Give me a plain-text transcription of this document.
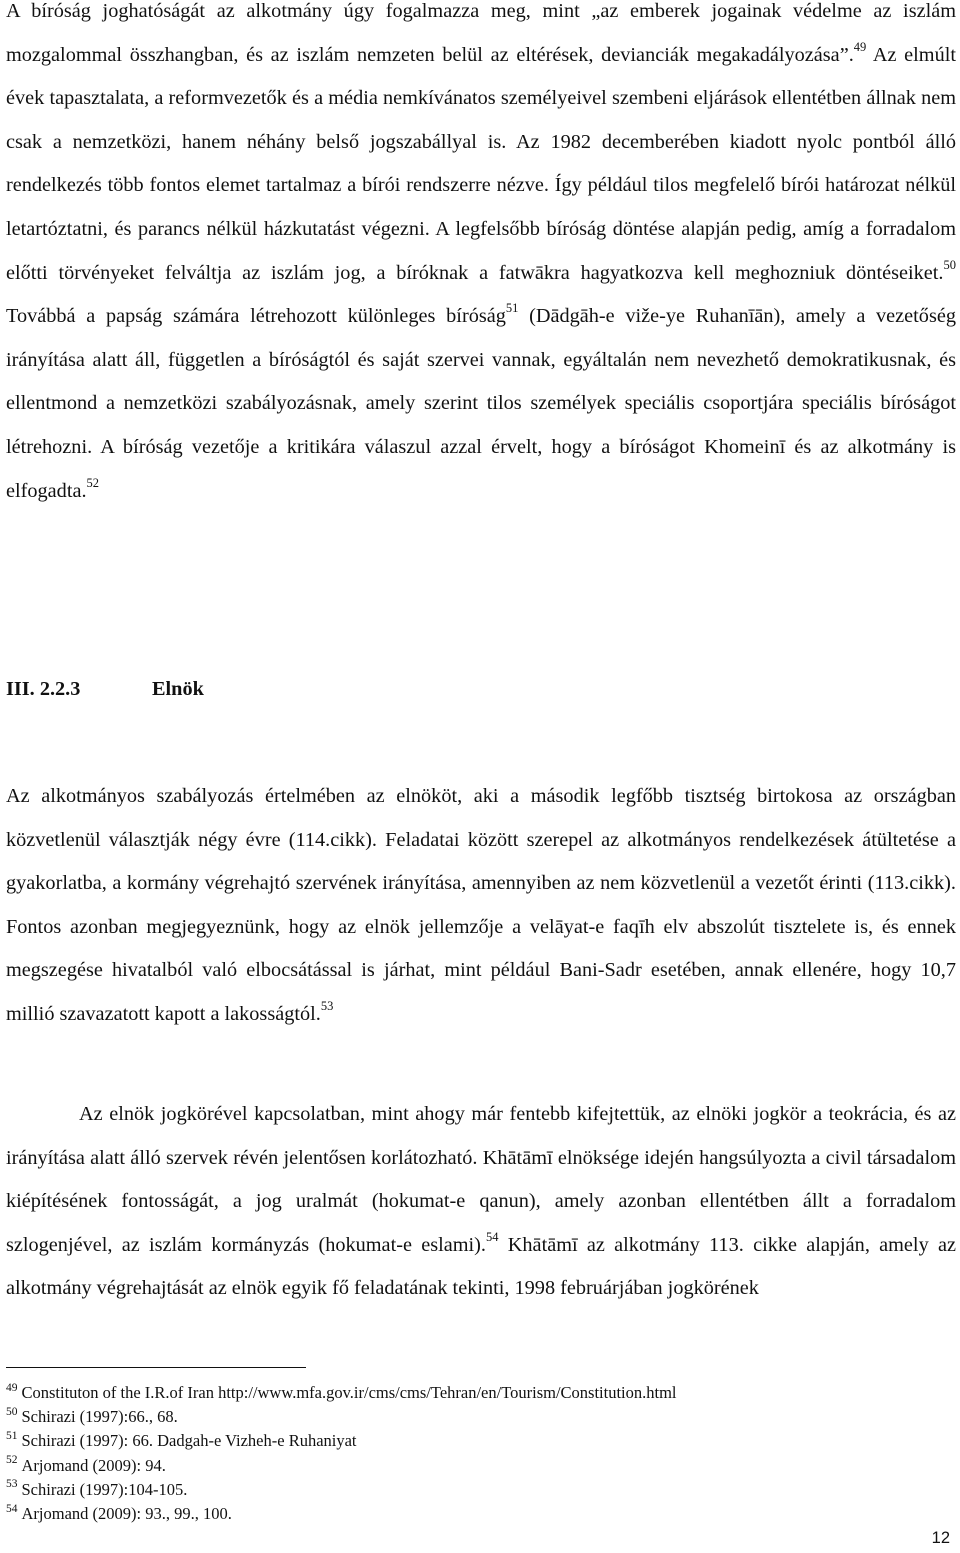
A bíróság joghatóságát az alkotmány úgy fogalmazza meg, mint „az emberek jogainak védelme az iszlám mozgalommal összhangban, és az iszlám nemzeten belül az eltérések, devianciák megakadályozása”.$^{49}$ Az elmúlt évek tapasztalata, a reformvezetők és a média nemkívánatos személyeivel szembeni eljárások ellentétben állnak nem csak a nemzetközi, hanem néhány belső jogszabállyal is. Az 1982 decemberében kiadott nyolc pontból álló rendelkezés több fontos elemet tartalmaz a bírói rendszerre nézve. Így például tilos megfelelő bírói határozat nélkül letartóztatni, és parancs nélkül házkutatást végezni. A legfelsőbb bíróság döntése alapján pedig, amíg a forradalom előtti törvényeket felváltja az iszlám jog, a bíróknak a fatwākra hagyatkozva kell meghozniuk döntéseiket.$^{50}$ Továbbá a papság számára létrehozott különleges bíróság$^{51}$ (Dādgāh-e viže-ye Ruhanīān), amely a vezetőség irányítása alatt áll, független a bíróságtól és saját szervei vannak, egyáltalán nem nevezhető demokratikusnak, és ellentmond a nemzetközi szabályozásnak, amely szerint tilos személyek speciális csoportjára speciális bíróságot létrehozni. A bíróság vezetője a kritikára válaszul azzal érvelt, hogy a bíróságot Khomeinī és az alkotmány is elfogadta.$^{52}$

III. 2.2.3	Elnök

Az alkotmányos szabályozás értelmében az elnököt, aki a második legfőbb tisztség birtokosa az országban közvetlenül választják négy évre (114.cikk). Feladatai között szerepel az alkotmányos rendelkezések átültetése a gyakorlatba, a kormány végrehajtó szervének irányítása, amennyiben az nem közvetlenül a vezetőt érinti (113.cikk). Fontos azonban megjegyeznünk, hogy az elnök jellemzője a velāyat-e faqīh elv abszolút tisztelete is, és ennek megszegése hivatalból való elbocsátással is járhat, mint például Bani-Sadr esetében, annak ellenére, hogy 10,7 millió szavazatott kapott a lakosságtól.$^{53}$

Az elnök jogkörével kapcsolatban, mint ahogy már fentebb kifejtettük, az elnöki jogkör a teokrácia, és az irányítása alatt álló szervek révén jelentősen korlátozható. Khātāmī elnöksége idején hangsúlyozta a civil társadalom kiépítésének fontosságát, a jog uralmát (hokumat-e qanun), amely azonban ellentétben állt a forradalom szlogenjével, az iszlám kormányzás (hokumat-e eslami).$^{54}$ Khātāmī az alkotmány 113. cikke alapján, amely az alkotmány végrehajtását az elnök egyik fő feladatának tekinti, 1998 februárjában jogkörének

$^{49}$ Constituton of the I.R.of Iran http://www.mfa.gov.ir/cms/cms/Tehran/en/Tourism/Constitution.html
$^{50}$ Schirazi (1997):66., 68.
$^{51}$ Schirazi (1997): 66. Dadgah-e Vizheh-e Ruhaniyat
$^{52}$ Arjomand (2009): 94.
$^{53}$ Schirazi (1997):104-105.
$^{54}$ Arjomand (2009): 93., 99., 100.
12
